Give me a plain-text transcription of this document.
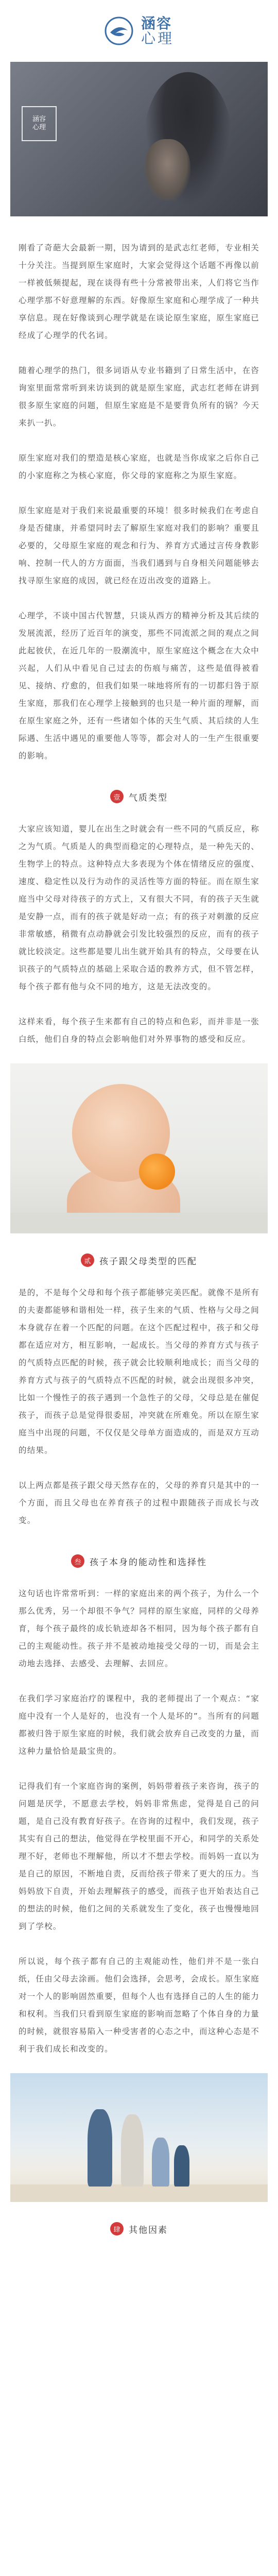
涵容
心理
涵容
心理

刚看了奇葩大会最新一期，因为请到的是武志红老师，专业相关十分关注。当提到原生家庭时，大家会觉得这个话题不再像以前一样被低频提起，现在谈得有些十分常被带出来，人们将它当作心理学那不好意理解的东西。好像原生家庭和心理学成了一种共享信息。现在好像谈到心理学就是在谈论原生家庭，原生家庭已经成了心理学的代名词。

随着心理学的热门，很多词语从专业书籍到了日常生活中，在咨询室里面常常听到来访谈到的就是原生家庭，武志红老师在讲到很多原生家庭的问题，但原生家庭是不是要背负所有的锅？今天来扒一扒。

原生家庭对我们的塑造是核心家庭，也就是当你成家之后你自己的小家庭称之为核心家庭，你父母的家庭称之为原生家庭。

原生家庭是对于我们来说最重要的环境！很多时候我们在考虑自身是否健康，并希望同时去了解原生家庭对我们的影响？重要且必要的，父母原生家庭的观念和行为、养育方式通过言传身教影响、控制一代人的方方面面，当我们遇到与自身相关问题能够去找寻原生家庭的成因，就已经在迈出改变的道路上。

心理学，不谈中国古代智慧，只谈从西方的精神分析及其后续的发展流派，经历了近百年的演变，那些不同流派之间的观点之间此起彼伏，在近几年的一股潮流中，原生家庭这个概念在大众中兴起，人们从中看见自己过去的伤痕与痛苦，这些是值得被看见、接纳、疗愈的，但我们如果一味地将所有的一切都归咎于原生家庭，那我们在心理学上接触到的也只是一种片面的理解，而在原生家庭之外，还有一些诸如个体的天生气质、其后续的人生际遇、生活中遇见的重要他人等等，都会对人的一生产生很重要的影响。

壹 气质类型

大家应该知道，婴儿在出生之时就会有一些不同的气质反应，称之为气质。气质是人的典型而稳定的心理特点，是一种先天的、生物学上的特点。这种特点大多表现为个体在情绪反应的强度、速度、稳定性以及行为动作的灵活性等方面的特征。而在原生家庭当中父母对待孩子的方式上，又有很大不同，有的孩子天生就是安静一点，而有的孩子就是好动一点；有的孩子对刺激的反应非常敏感，稍微有点动静就会引发比较强烈的反应，而有的孩子就比较淡定。这些都是婴儿出生就开始具有的特点，父母要在认识孩子的气质特点的基础上采取合适的教养方式，但不管怎样，每个孩子都有他与众不同的地方，这是无法改变的。

这样来看，每个孩子生来都有自己的特点和色彩，而并非是一张白纸，他们自身的特点会影响他们对外界事物的感受和反应。

贰 孩子跟父母类型的匹配

是的，不是每个父母和每个孩子都能够完美匹配。就像不是所有的夫妻都能够和谐相处一样，孩子生来的气质、性格与父母之间本身就存在着一个匹配的问题。在这个匹配过程中，孩子和父母都在适应对方，相互影响，一起成长。当父母的养育方式与孩子的气质特点匹配的时候，孩子就会比较顺利地成长；而当父母的养育方式与孩子的气质特点不匹配的时候，就会出现很多冲突，比如一个慢性子的孩子遇到一个急性子的父母，父母总是在催促孩子，而孩子总是觉得很委屈，冲突就在所难免。所以在原生家庭当中出现的问题，不仅仅是父母单方面造成的，而是双方互动的结果。

以上两点都是孩子跟父母天然存在的，父母的养育只是其中的一个方面，而且父母也在养育孩子的过程中跟随孩子而成长与改变。

叁 孩子本身的能动性和选择性

这句话也许常常听到：一样的家庭出来的两个孩子，为什么一个那么优秀，另一个却很不争气？同样的原生家庭，同样的父母养育，每个孩子最终的成长轨迹却各不相同，因为每个孩子都有自己的主观能动性。孩子并不是被动地接受父母的一切，而是会主动地去选择、去感受、去理解、去回应。

在我们学习家庭治疗的课程中，我的老师提出了一个观点：“家庭中没有一个人是好的，也没有一个人是坏的”。当所有的问题都被归咎于原生家庭的时候，我们就会放弃自己改变的力量，而这种力量恰恰是最宝贵的。

记得我们有一个家庭咨询的案例，妈妈带着孩子来咨询，孩子的问题是厌学，不愿意去学校，妈妈非常焦虑，觉得是自己的问题，是自己没有教育好孩子。在咨询的过程中，我们发现，孩子其实有自己的想法，他觉得在学校里面不开心，和同学的关系处理不好，老师也不理解他，所以才不想去学校。而妈妈一直以为是自己的原因，不断地自责，反而给孩子带来了更大的压力。当妈妈放下自责，开始去理解孩子的感受，而孩子也开始表达自己的想法的时候，他们之间的关系就发生了变化，孩子也慢慢地回到了学校。

所以说，每个孩子都有自己的主观能动性，他们并不是一张白纸，任由父母去涂画。他们会选择，会思考，会成长。原生家庭对一个人的影响固然重要，但每个人也有选择自己的人生的能力和权利。当我们只看到原生家庭的影响而忽略了个体自身的力量的时候，就很容易陷入一种受害者的心态之中，而这种心态是不利于我们成长和改变的。

肆 其他因素
